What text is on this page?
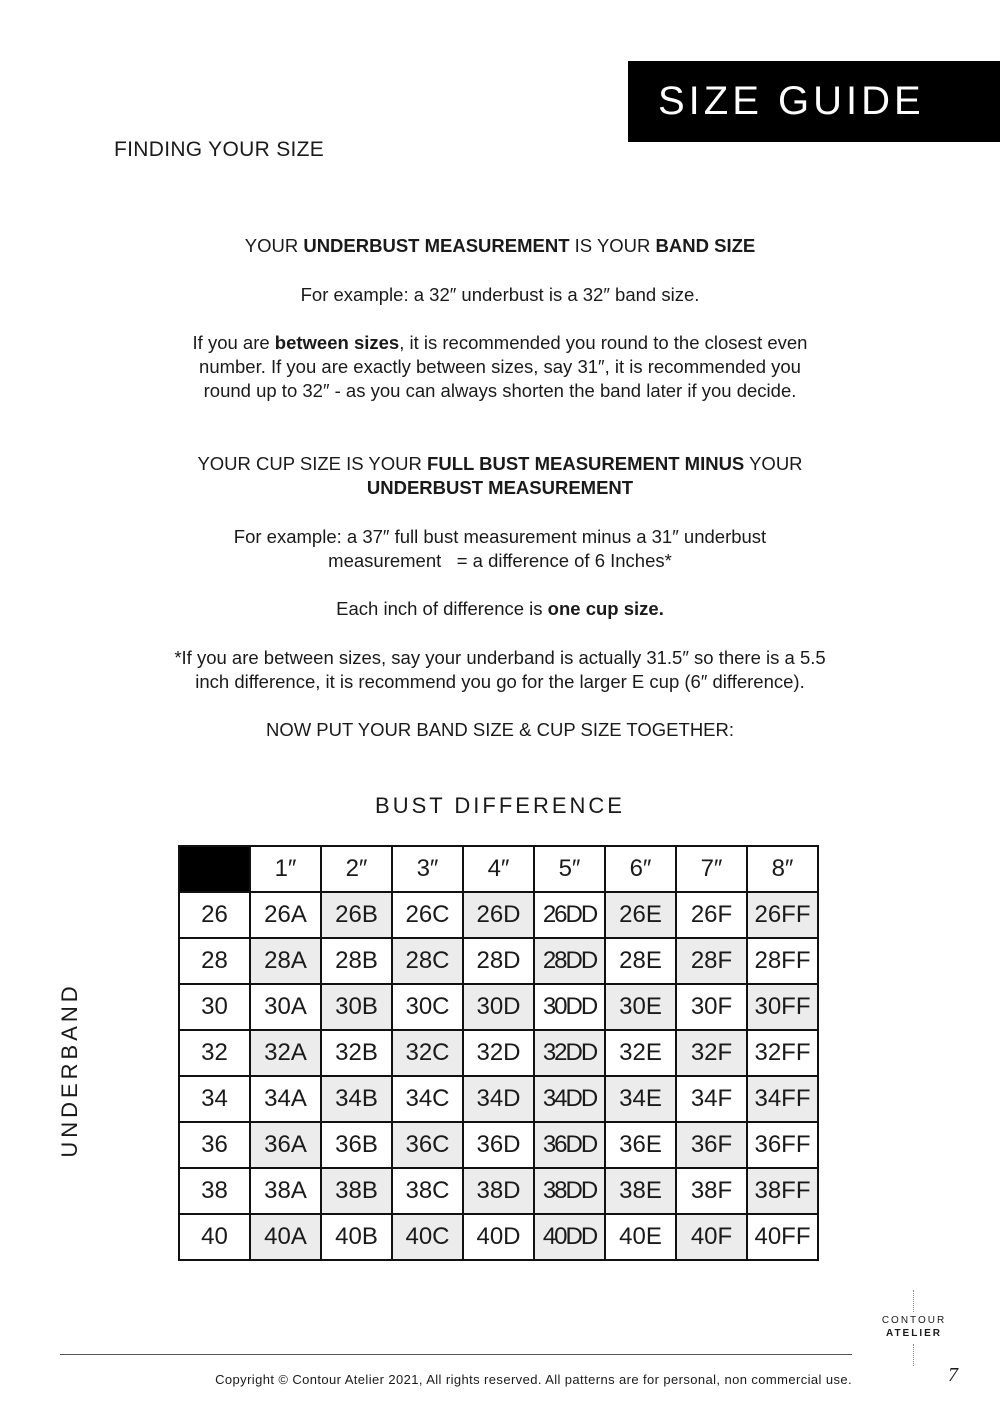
SIZE GUIDE
FINDING YOUR SIZE

YOUR UNDERBUST MEASUREMENT IS YOUR BAND SIZE

For example: a 32″ underbust is a 32″ band size.

If you are between sizes, it is recommended you round to the closest even number. If you are exactly between sizes, say 31″, it is recommended you round up to 32″ - as you can always shorten the band later if you decide.

YOUR CUP SIZE IS YOUR FULL BUST MEASUREMENT MINUS YOUR UNDERBUST MEASUREMENT

For example: a 37″ full bust measurement minus a 31″ underbust measurement   = a difference of 6 Inches*

Each inch of difference is one cup size.

*If you are between sizes, say your underband is actually 31.5″ so there is a 5.5 inch difference, it is recommend you go for the larger E cup (6″ difference).

NOW PUT YOUR BAND SIZE & CUP SIZE TOGETHER:

BUST DIFFERENCE
UNDERBAND
	1″	2″	3″	4″	5″	6″	7″	8″
26	26A	26B	26C	26D	26DD	26E	26F	26FF
28	28A	28B	28C	28D	28DD	28E	28F	28FF
30	30A	30B	30C	30D	30DD	30E	30F	30FF
32	32A	32B	32C	32D	32DD	32E	32F	32FF
34	34A	34B	34C	34D	34DD	34E	34F	34FF
36	36A	36B	36C	36D	36DD	36E	36F	36FF
38	38A	38B	38C	38D	38DD	38E	38F	38FF
40	40A	40B	40C	40D	40DD	40E	40F	40FF
CONTOUR
ATELIER
Copyright © Contour Atelier 2021, All rights reserved. All patterns are for personal, non commercial use.	7
